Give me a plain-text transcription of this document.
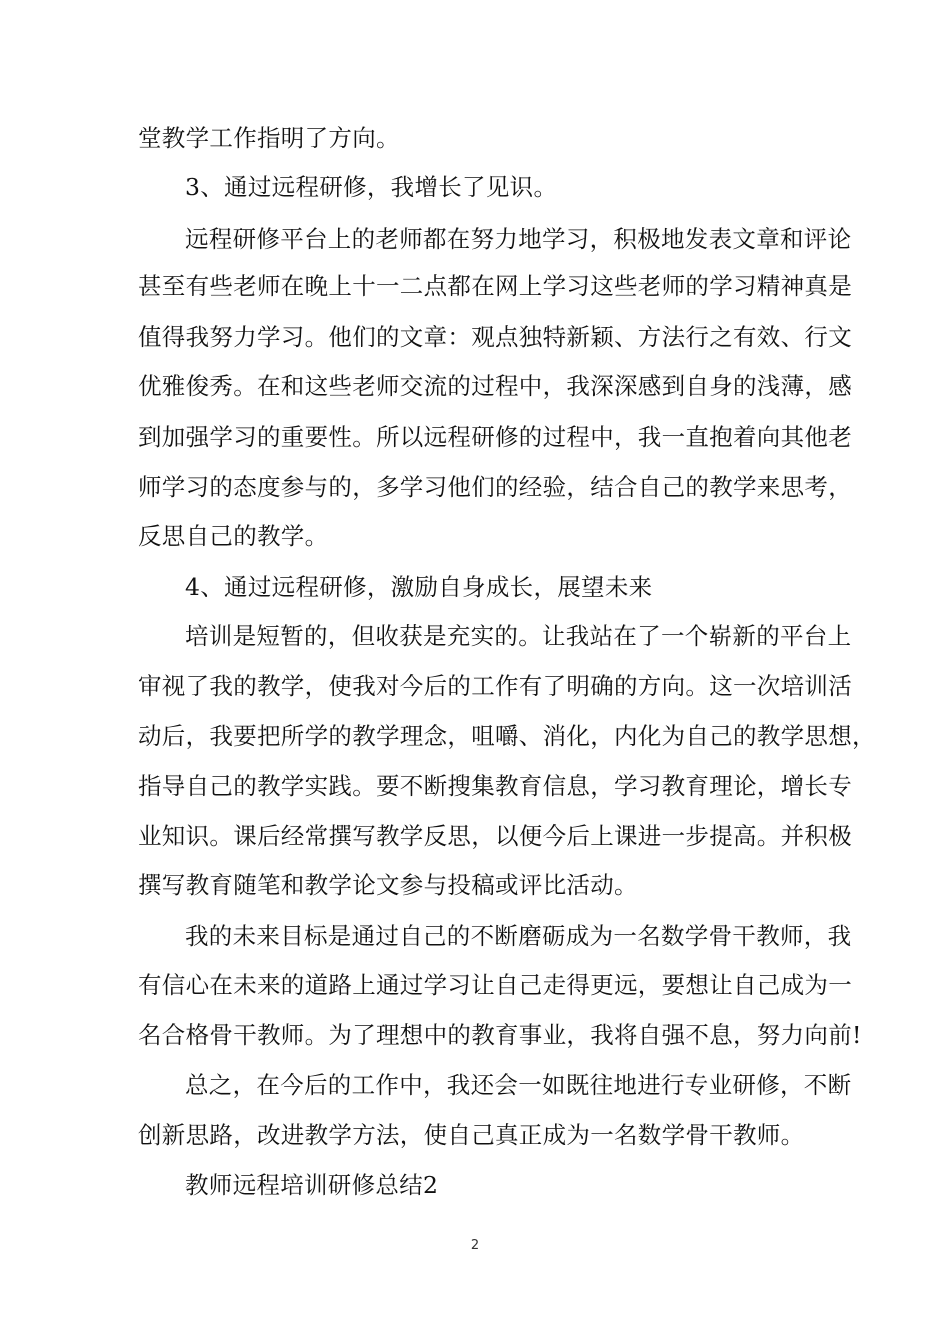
堂教学工作指明了方向。
3、通过远程研修，我增长了见识。
远程研修平台上的老师都在努力地学习，积极地发表文章和评论
甚至有些老师在晚上十一二点都在网上学习这些老师的学习精神真是
值得我努力学习。他们的文章：观点独特新颖、方法行之有效、行文
优雅俊秀。在和这些老师交流的过程中，我深深感到自身的浅薄，感
到加强学习的重要性。所以远程研修的过程中，我一直抱着向其他老
师学习的态度参与的，多学习他们的经验，结合自己的教学来思考，
反思自己的教学。
4、通过远程研修，激励自身成长，展望未来
培训是短暂的，但收获是充实的。让我站在了一个崭新的平台上
审视了我的教学，使我对今后的工作有了明确的方向。这一次培训活
动后，我要把所学的教学理念，咀嚼、消化，内化为自己的教学思想，
指导自己的教学实践。要不断搜集教育信息，学习教育理论，增长专
业知识。课后经常撰写教学反思，以便今后上课进一步提高。并积极
撰写教育随笔和教学论文参与投稿或评比活动。
我的未来目标是通过自己的不断磨砺成为一名数学骨干教师，我
有信心在未来的道路上通过学习让自己走得更远，要想让自己成为一
名合格骨干教师。为了理想中的教育事业，我将自强不息，努力向前!
总之，在今后的工作中，我还会一如既往地进行专业研修，不断
创新思路，改进教学方法，使自己真正成为一名数学骨干教师。
教师远程培训研修总结2
2
